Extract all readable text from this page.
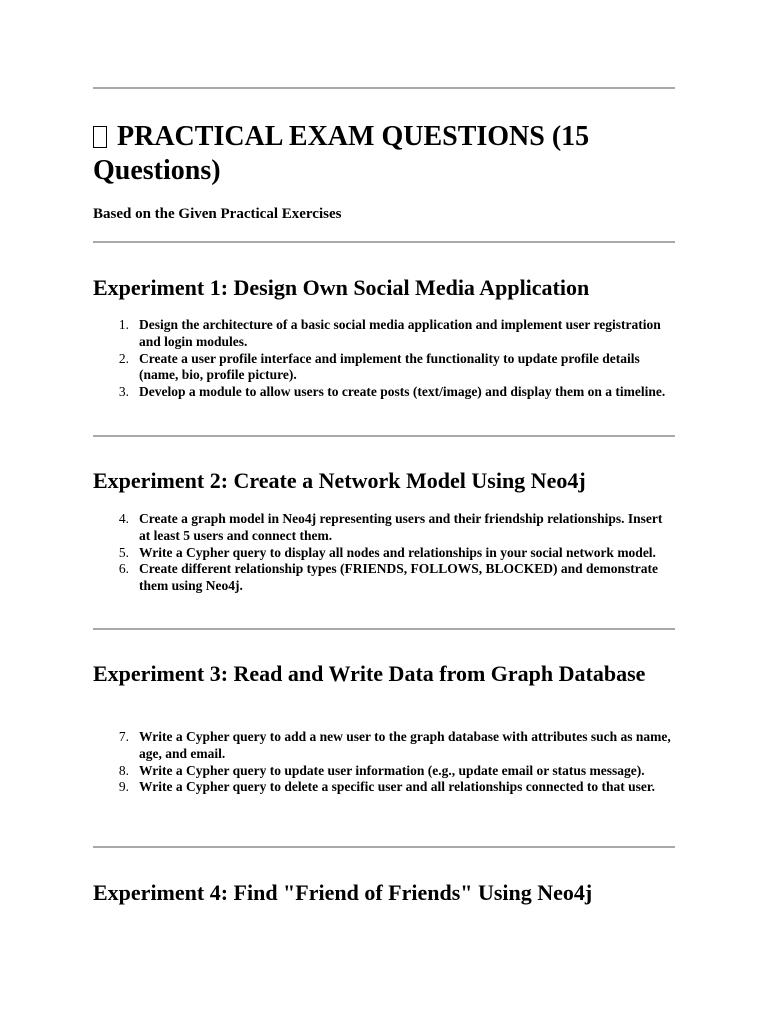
PRACTICAL EXAM QUESTIONS (15 Questions)

Based on the Given Practical Exercises

Experiment 1: Design Own Social Media Application
1. Design the architecture of a basic social media application and implement user registration and login modules.
2. Create a user profile interface and implement the functionality to update profile details (name, bio, profile picture).
3. Develop a module to allow users to create posts (text/image) and display them on a timeline.
Experiment 2: Create a Network Model Using Neo4j
4. Create a graph model in Neo4j representing users and their friendship relationships. Insert at least 5 users and connect them.
5. Write a Cypher query to display all nodes and relationships in your social network model.
6. Create different relationship types (FRIENDS, FOLLOWS, BLOCKED) and demonstrate them using Neo4j.
Experiment 3: Read and Write Data from Graph Database
7. Write a Cypher query to add a new user to the graph database with attributes such as name, age, and email.
8. Write a Cypher query to update user information (e.g., update email or status message).
9. Write a Cypher query to delete a specific user and all relationships connected to that user.
Experiment 4: Find "Friend of Friends" Using Neo4j
